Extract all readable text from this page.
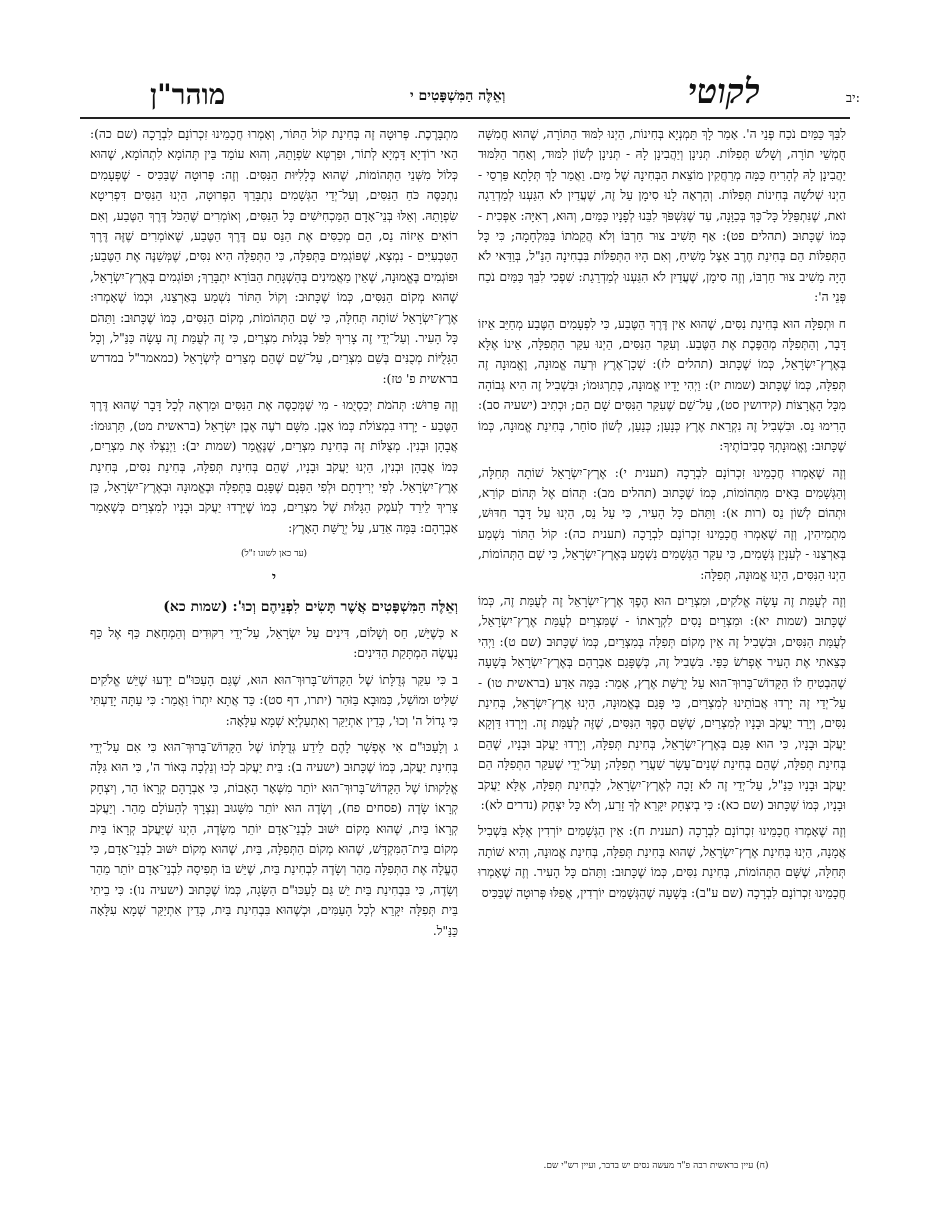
יב:
לקוטי
וְאֵלֶּה הַמִּשְׁפָּטִים י
מוהר"ן

לִבֵּךְ כַּמַּיִם נֹכַח פְּנֵי ה'. אָמַר לָךְ תַּמְנְיָא בְּחִינוֹת, הַיְנוּ לִמּוּד הַתּוֹרָה, שֶׁהוּא חֲמִשָּׁה חֻמְשֵׁי תוֹרָה, וְשָׁלֹשׁ תְּפִלּוֹת. תְּנִינָן וְיַהֲבִינָן לָהּ - תְּנִינָן לְשׁוֹן לִמּוּד, וְאַחַר הַלִּמּוּד יַהֲבִינָן לָהּ לְהָרִיחַ כַּמָּה מְרַחֲקִין מוֹצֵאת הַבְּחִינָה שֶׁל מַיִם. וַאֲמַר לָךְ תְּלָתָא פַּרְסֵי - הַיְנוּ שְׁלֹשָׁה בְּחִינוֹת תְּפִלּוֹת. וְהָרְאָה לָנוּ סִימָן עַל זֶה, שֶׁעֲדַיִן לֹא הִגַּעְנוּ לְמַדְרֵגָה זֹאת, שֶׁנִּתְפַּלֵּל כָּל־כָּךְ בְּכַוָּנָה, עַד שֶׁנִּשְׁפֹּךְ לִבֵּנוּ לְפָנָיו כַּמַּיִם, וְהוּא, רְאִיָּה: אַפְּכִית - כְּמוֹ שֶׁכָּתוּב (תהלים פט): אַף תָּשִׁיב צוּר חַרְבּוֹ וְלֹא הֲקֵמֹתוֹ בַּמִּלְחָמָה; כִּי כָּל הַתְּפִלּוֹת הֵם בְּחִינַת חֶרֶב אֵצֶל מָשִׁיחַ, וְאִם הָיוּ הַתְּפִלּוֹת בִּבְחִינָה הַנַּ"ל, בְּוַדַּאי לֹא הָיָה מֵשִׁיב צוּר חַרְבּוֹ, וְזֶה סִימָן, שֶׁעֲדַיִן לֹא הִגַּעְנוּ לְמַדְרֵגַת: שִׁפְכִי לִבֵּךְ כַּמַּיִם נֹכַח פְּנֵי ה':

ח וּתְפִלָּה הוּא בְּחִינַת נִסִּים, שֶׁהוּא אֵין דֶּרֶךְ הַטֶּבַע, כִּי לִפְעָמִים הַטֶּבַע מְחַיֵּב אֵיזוֹ דָּבָר, וְהַתְּפִלָּה מְהַפֶּכֶת אֶת הַטֶּבַע. וְעִקַּר הַנִּסִּים, הַיְנוּ עִקַּר הַתְּפִלָּה, אֵינוֹ אֶלָּא בְּאֶרֶץ־יִשְׂרָאֵל, כְּמוֹ שֶׁכָּתוּב (תהלים לז): שְׁכָן־אֶרֶץ וּרְעֵה אֱמוּנָה, וֶאֱמוּנָה זֶה תְּפִלָּה, כְּמוֹ שֶׁכָּתוּב (שמות יז): וַיְהִי יָדָיו אֱמוּנָה, כְּתַרְגּוּמוֹ; וּבִשְׁבִיל זֶה הִיא גְּבוֹהָה מִכָּל הָאֲרָצוֹת (קידושין סט), עַל־שֵׁם שֶׁעִקַּר הַנִּסִּים שָׁם הֵם; וּכְתִיב (ישעיה סב): הָרִימוּ נֵס. וּבִשְׁבִיל זֶה נִקְרֵאת אֶרֶץ כְּנָעַן; כְּנַעַן, לְשׁוֹן סוֹחֵר, בְּחִינַת אֱמוּנָה, כְּמוֹ שֶׁכָּתוּב: וֶאֱמוּנָתְךָ סְבִיבוֹתֶיךָ:

וְזֶה שֶׁאָמְרוּ חֲכָמֵינוּ זִכְרוֹנָם לִבְרָכָה (תענית י): אֶרֶץ־יִשְׂרָאֵל שׁוֹתָה תְּחִלָּה, וְהַגְּשָׁמִים בָּאִים מִתְּהוֹמוֹת, כְּמוֹ שֶׁכָּתוּב (תהלים מב): תְּהוֹם אֶל תְּהוֹם קוֹרֵא, וּתְהוֹם לְשׁוֹן נֵס (רות א): וַתֵּהֹם כָּל הָעִיר, כִּי עַל נֵס, הַיְנוּ עַל דָּבָר חִדּוּשׁ, מִתְמִיהִין, וְזֶה שֶׁאָמְרוּ חֲכָמֵינוּ זִכְרוֹנָם לִבְרָכָה (תענית כה): קוֹל הַתּוֹר נִשְׁמַע בְּאַרְצֵנוּ - לְעִנְיַן גְּשָׁמִים, כִּי עִקַּר הַגְּשָׁמִים נִשְׁמָע בְּאֶרֶץ־יִשְׂרָאֵל, כִּי שָׁם הַתְּהוֹמוֹת, הַיְנוּ הַנִּסִּים, הַיְנוּ אֱמוּנָה, תְּפִלָּה:

וְזֶה לְעֻמַּת זֶה עָשָׂה אֱלֹקִים, וּמִצְרַיִם הוּא הֶפֶךְ אֶרֶץ־יִשְׂרָאֵל זֶה לְעֻמַּת זֶה, כְּמוֹ שֶׁכָּתוּב (שמות יא): וּמִצְרַיִם נָסִים לִקְרָאתוֹ - שֶׁמִּצְרַיִם לְעֻמַּת אֶרֶץ־יִשְׂרָאֵל, לְעֻמַּת הַנִּסִּים, וּבִשְׁבִיל זֶה אֵין מְקוֹם תְּפִלָּה בְּמִצְרַיִם, כְּמוֹ שֶׁכָּתוּב (שם ט): וַיְהִי כְּצֵאתִי אֶת הָעִיר אֶפְרֹשׂ כַּפַּי. בִּשְׁבִיל זֶה, כְּשֶׁפָּגַם אַבְרָהָם בְּאֶרֶץ־יִשְׂרָאֵל בְּשָׁעָה שֶׁהִבְטִיחַ לוֹ הַקָּדוֹשׁ־בָּרוּךְ־הוּא עַל יְרֻשַּׁת אֶרֶץ, אָמַר: בַּמָּה אֵדַע (בראשית טו) - עַל־יְדֵי זֶה יָרְדוּ אֲבוֹתֵינוּ לְמִצְרַיִם, כִּי פָּגַם בֶּאֱמוּנָה, הַיְנוּ אֶרֶץ־יִשְׂרָאֵל, בְּחִינַת נִסִּים, וְיָרַד יַעֲקֹב וּבָנָיו לְמִצְרַיִם, שֶׁשָּׁם הֶפֶךְ הַנִּסִּים, שֶׁזֶּה לְעֻמַּת זֶה. וְיָרְדוּ דַּוְקָא יַעֲקֹב וּבָנָיו, כִּי הוּא פָּגַם בְּאֶרֶץ־יִשְׂרָאֵל, בְּחִינַת תְּפִלָּה, וְיָרְדוּ יַעֲקֹב וּבָנָיו, שֶׁהֵם בְּחִינַת תְּפִלָּה, שֶׁהֵם בְּחִינַת שְׁנֵים־עָשָׂר שַׁעֲרֵי תְפִלָּה; וְעַל־יְדֵי שֶׁעִקַּר הַתְּפִלָּה הֵם יַעֲקֹב וּבָנָיו כַּנַּ"ל, עַל־יְדֵי זֶה לֹא זָכָה לְאֶרֶץ־יִשְׂרָאֵל, לִבְחִינַת תְּפִלָּה, אֶלָּא יַעֲקֹב וּבָנָיו, כְּמוֹ שֶׁכָּתוּב (שם כא): כִּי בְיִצְחָק יִקָּרֵא לְךָ זָרַע, וְלֹא כָּל יִצְחָק (נדרים לא):

וְזֶה שֶׁאָמְרוּ חֲכָמֵינוּ זִכְרוֹנָם לִבְרָכָה (תענית ח): אֵין הַגְּשָׁמִים יוֹרְדִין אֶלָּא בִּשְׁבִיל אֲמָנָה, הַיְנוּ בְּחִינַת אֶרֶץ־יִשְׂרָאֵל, שֶׁהוּא בְּחִינַת תְּפִלָּה, בְּחִינַת אֱמוּנָה, וְהִיא שׁוֹתָה תְּחִלָּה, שֶׁשָּׁם הַתְּהוֹמוֹת, בְּחִינַת נִסִּים, כְּמוֹ שֶׁכָּתוּב: וַתֵּהֹם כָּל הָעִיר. וְזֶה שֶׁאָמְרוּ חֲכָמֵינוּ זִכְרוֹנָם לִבְרָכָה (שם ע"ב): בְּשָׁעָה שֶׁהַגְּשָׁמִים יוֹרְדִין, אֲפִלּוּ פְּרוּטָה שֶׁבַּכִּיס

מִתְבָּרֶכֶת. פְּרוּטָה זֶה בְּחִינַת קוֹל הַתּוֹר, וְאָמְרוּ חֲכָמֵינוּ זִכְרוֹנָם לִבְרָכָה (שם כה): הַאי רוֹדְיָא דָּמְיָא לְתוֹר, וּפַרְטְּא שִׂפְוָתֵהּ, וְהוּא עוֹמֵד בֵּין תְּהוֹמָא לִתְהוֹמָא, שֶׁהוּא כְּלוֹל מִשְּׁנֵי הַתְּהוֹמוֹת, שֶׁהוּא כְּלָלִיּוּת הַנִּסִּים. וְזֶה: פְּרוּטָה שֶׁבַּכִּיס - שֶׁפְּעָמִים נִתְכַּסֶּה כֹּחַ הַנִּסִּים, וְעַל־יְדֵי הַגְּשָׁמִים נִתְבָּרֵךְ הַפְּרוּטָה, הַיְנוּ הַנִּסִּים דִּפְרִיטָא שִׂפְוָתֵהּ. וְאֵלּוּ בְּנֵי־אָדָם הַמַּכְחִישִׁים כָּל הַנִּסִּים, וְאוֹמְרִים שֶׁהַכֹּל דֶּרֶךְ הַטֶּבַע, וְאִם רוֹאִים אֵיזוֹה נֵס, הֵם מְכַסִּים אֶת הַנֵּס עִם דֶּרֶךְ הַטֶּבַע, שֶׁאוֹמְרִים שֶׁזֶּה דֶּרֶךְ הַטִּבְעִיִּים - נִמְצָא, שֶׁפּוֹגְמִים בַּתְּפִלָּה, כִּי הַתְּפִלָּה הִיא נִסִּים, שֶׁמְּשַׁנֶּה אֶת הַטֶּבַע; וּפוֹגְמִים בֶּאֱמוּנָה, שֶׁאֵין מַאֲמִינִים בְּהַשְׁגָּחַת הַבּוֹרֵא יִתְבָּרַךְ; וּפוֹגְמִים בְּאֶרֶץ־יִשְׂרָאֵל, שֶׁהוּא מְקוֹם הַנִּסִּים, כְּמוֹ שֶׁכָּתוּב: וְקוֹל הַתּוֹר נִשְׁמַע בְּאַרְצֵנוּ, וּכְמוֹ שֶׁאָמְרוּ: אֶרֶץ־יִשְׂרָאֵל שׁוֹתָה תְּחִלָּה, כִּי שָׁם הַתְּהוֹמוֹת, מְקוֹם הַנִּסִּים, כְּמוֹ שֶׁכָּתוּב: וַתֵּהֹם כָּל הָעִיר. וְעַל־יְדֵי זֶה צָרִיךְ לִפֹּל בְּגָלוּת מִצְרַיִם, כִּי זֶה לְעֻמַּת זֶה עָשָׂה כַּנַּ"ל, וְכָל הַגָּלֻיּוֹת מְכֻנִּים בְּשֵׁם מִצְרַיִם, עַל־שֵׁם שֶׁהֵם מְצֵרִים לְיִשְׂרָאֵל (כמאמר"ל במדרש בראשית פ' טז):

וְזֶה פֵּרוּשׁ: תְּהֹמֹת יְכַסְיֻמוּ - מִי שֶׁמְּכַסֶּה אֶת הַנִּסִּים וּמַרְאֶה לְכָל דָּבָר שֶׁהוּא דֶּרֶךְ הַטֶּבַע - יָרְדוּ בִמְצוֹלֹת כְּמוֹ אָבֶן. מִשָּׁם רֹעֶה אֶבֶן יִשְׂרָאֵל (בראשית מט), תַּרְגּוּמוֹ: אֲבָהָן וּבְנִין. מְצֻלּוֹת זֶה בְּחִינַת מִצְרַיִם, שֶׁנֶּאֱמַר (שמות יב): וַיְנַצְּלוּ אֶת מִצְרַיִם, כְּמוֹ אֲבָהָן וּבְנִין, הַיְנוּ יַעֲקֹב וּבָנָיו, שֶׁהֵם בְּחִינַת תְּפִלָּה, בְּחִינַת נִסִּים, בְּחִינַת אֶרֶץ־יִשְׂרָאֵל. לְפִי יְרִידָתָם וּלְפִי הַפְּגָם שֶׁפָּגַם בַּתְּפִלָּה וּבֶאֱמוּנָה וּבְאֶרֶץ־יִשְׂרָאֵל, כֵּן צָרִיךְ לֵירֵד לְעֹמֶק הַגָּלוּת שֶׁל מִצְרַיִם, כְּמוֹ שֶׁיָּרְדוּ יַעֲקֹב וּבָנָיו לְמִצְרַיִם כְּשֶׁאָמַר אַבְרָהָם: בַּמָּה אֵדַע, עַל יְרֻשַּׁת הָאָרֶץ:

(עד כאן לשונו ז"ל)

י

וְאֵלֶּה הַמִּשְׁפָּטִים אֲשֶׁר תָּשִׂים לִפְנֵיהֶם וְכוּ': (שמות כא)

א כְּשֶׁיֵּשׁ, חַס וְשָׁלוֹם, דִּינִים עַל יִשְׂרָאֵל, עַל־יְדֵי רִקּוּדִים וְהַמְחָאַת כַּף אֶל כַּף נַעֲשֶׂה הַמְתָּקַת הַדִּינִים:

ב כִּי עִקַּר גְּדֻלָּתוֹ שֶׁל הַקָּדוֹשׁ־בָּרוּךְ־הוּא הוּא, שֶׁגַּם הָעַכּוּ"ם יֵדְעוּ שֶׁיֵּשׁ אֱלֹקִים שַׁלִּיט וּמוֹשֵׁל, כַּמּוּבָא בַּזֹּהַר (יתרו, דף סט): כַּד אֲתָא יִתְרוֹ וַאֲמַר: כִּי עַתָּה יָדַעְתִּי כִּי גָדוֹל ה' וְכוּ', כְּדֵין אִתְיַקַּר וְאִתְעַלְיָא שְׁמָא עִלָּאָה:

ג וְלָעַכּוּ"ם אִי אֶפְשָׁר לָהֶם לֵידַע גְּדֻלָּתוֹ שֶׁל הַקָּדוֹשׁ־בָּרוּךְ־הוּא כִּי אִם עַל־יְדֵי בְּחִינַת יַעֲקֹב, כְּמוֹ שֶׁכָּתוּב (ישעיה ב): בֵּית יַעֲקֹב לְכוּ וְנֵלְכָה בְּאוֹר ה', כִּי הוּא גִּלָּה אֱלָקוּתוֹ שֶׁל הַקָּדוֹשׁ־בָּרוּךְ־הוּא יוֹתֵר מִשְּׁאָר הָאָבוֹת, כִּי אַבְרָהָם קְרָאוֹ הַר, וְיִצְחָק קְרָאוֹ שָׂדֶה (פסחים פח), וְשָׂדֶה הוּא יוֹתֵר מִשָּׁגוּב וְנִצְרָךְ לְהָעוֹלָם מֵהַר. וְיַעֲקֹב קְרָאוֹ בַּיִת, שֶׁהוּא מָקוֹם יִשּׁוּב לִבְנֵי־אָדָם יוֹתֵר מִשָּׂדֶה, הַיְנוּ שֶׁיַּעֲקֹב קְרָאוֹ בַּיִת מְקוֹם בֵּית־הַמִּקְדָּשׁ, שֶׁהוּא מְקוֹם הַתְּפִלָּה, בַּיִת, שֶׁהוּא מְקוֹם יִשּׁוּב לִבְנֵי־אָדָם, כִּי הֶעֱלָה אֶת הַתְּפִלָּה מֵהַר וְשָׂדֶה לִבְחִינַת בַּיִת, שֶׁיֵּשׁ בּוֹ תְּפִיסָה לִבְנֵי־אָדָם יוֹתֵר מֵהַר וְשָׂדֶה, כִּי בִּבְחִינַת בַּיִת יֵשׁ גַּם לָעַכּוּ"ם הַשָּׂגָה, כְּמוֹ שֶׁכָּתוּב (ישעיה נו): כִּי בֵיתִי בֵּית תְּפִלָּה יִקָּרֵא לְכָל הָעַמִּים, וּכְשֶׁהוּא בִּבְחִינַת בַּיִת, כְּדֵין אִתְיַקַּר שְׁמָא עִלָּאָה כַּנַּ"ל.

(ח) עיין בראשית רבה פ"ד מעשה נסים יש בדבר, ועיין רש"י שם.
